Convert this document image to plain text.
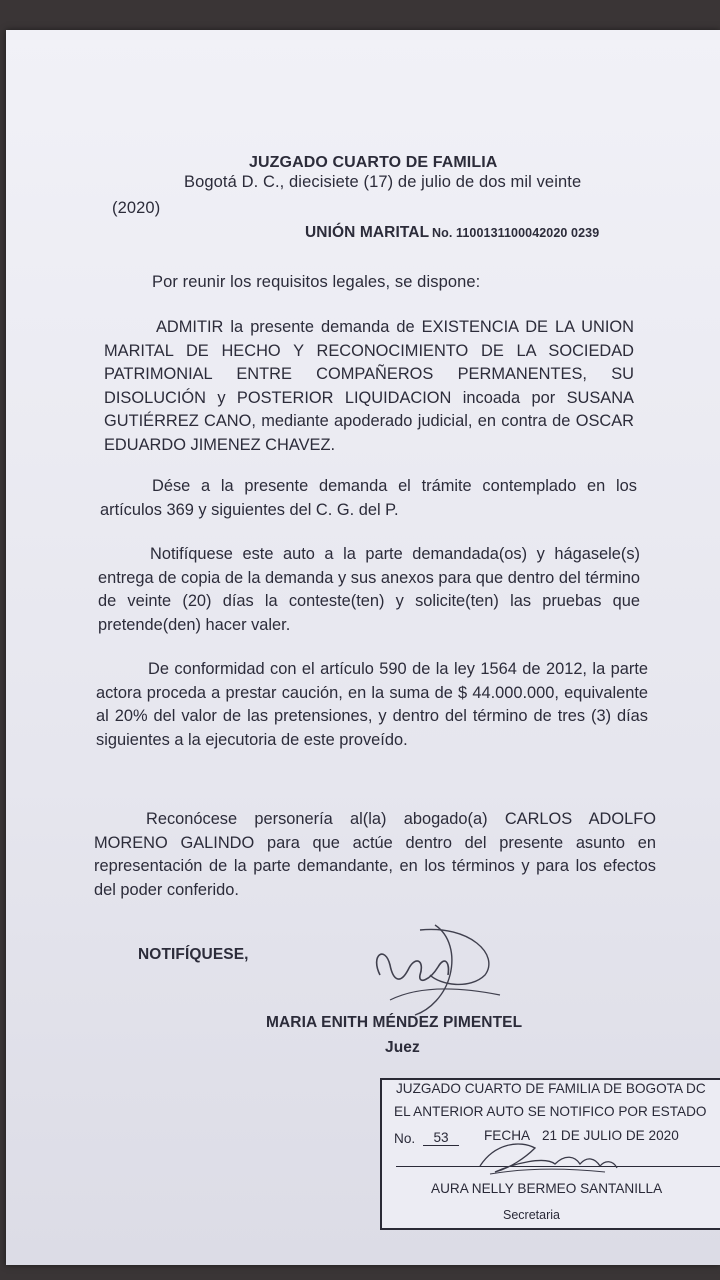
JUZGADO CUARTO DE FAMILIA
Bogotá D. C., diecisiete (17) de julio de dos mil veinte
(2020)
UNIÓN MARITAL No. 1100131100042020 0239
Por reunir los requisitos legales, se dispone:
ADMITIR la presente demanda de EXISTENCIA DE LA UNION MARITAL DE HECHO Y RECONOCIMIENTO DE LA SOCIEDAD PATRIMONIAL ENTRE COMPAÑEROS PERMANENTES, SU DISOLUCIÓN y POSTERIOR LIQUIDACION incoada por SUSANA GUTIÉRREZ CANO, mediante apoderado judicial, en contra de OSCAR EDUARDO JIMENEZ CHAVEZ.
Dése a la presente demanda el trámite contemplado en los artículos 369 y siguientes del C. G. del P.
Notifíquese este auto a la parte demandada(os) y hágasele(s) entrega de copia de la demanda y sus anexos para que dentro del término de veinte (20) días la conteste(ten) y solicite(ten) las pruebas que pretende(den) hacer valer.
De conformidad con el artículo 590 de la ley 1564 de 2012, la parte actora proceda a prestar caución, en la suma de $ 44.000.000, equivalente al 20% del valor de las pretensiones, y dentro del término de tres (3) días siguientes a la ejecutoria de este proveído.
Reconócese personería al(la) abogado(a) CARLOS ADOLFO MORENO GALINDO para que actúe dentro del presente asunto en representación de la parte demandante, en los términos y para los efectos del poder conferido.
NOTIFÍQUESE,
MARIA ENITH MÉNDEZ PIMENTEL
Juez
JUZGADO CUARTO DE FAMILIA DE BOGOTA DC
EL ANTERIOR AUTO SE NOTIFICO POR ESTADO
No.	53	FECHA 21 DE JULIO DE 2020
AURA NELLY BERMEO SANTANILLA
Secretaria
